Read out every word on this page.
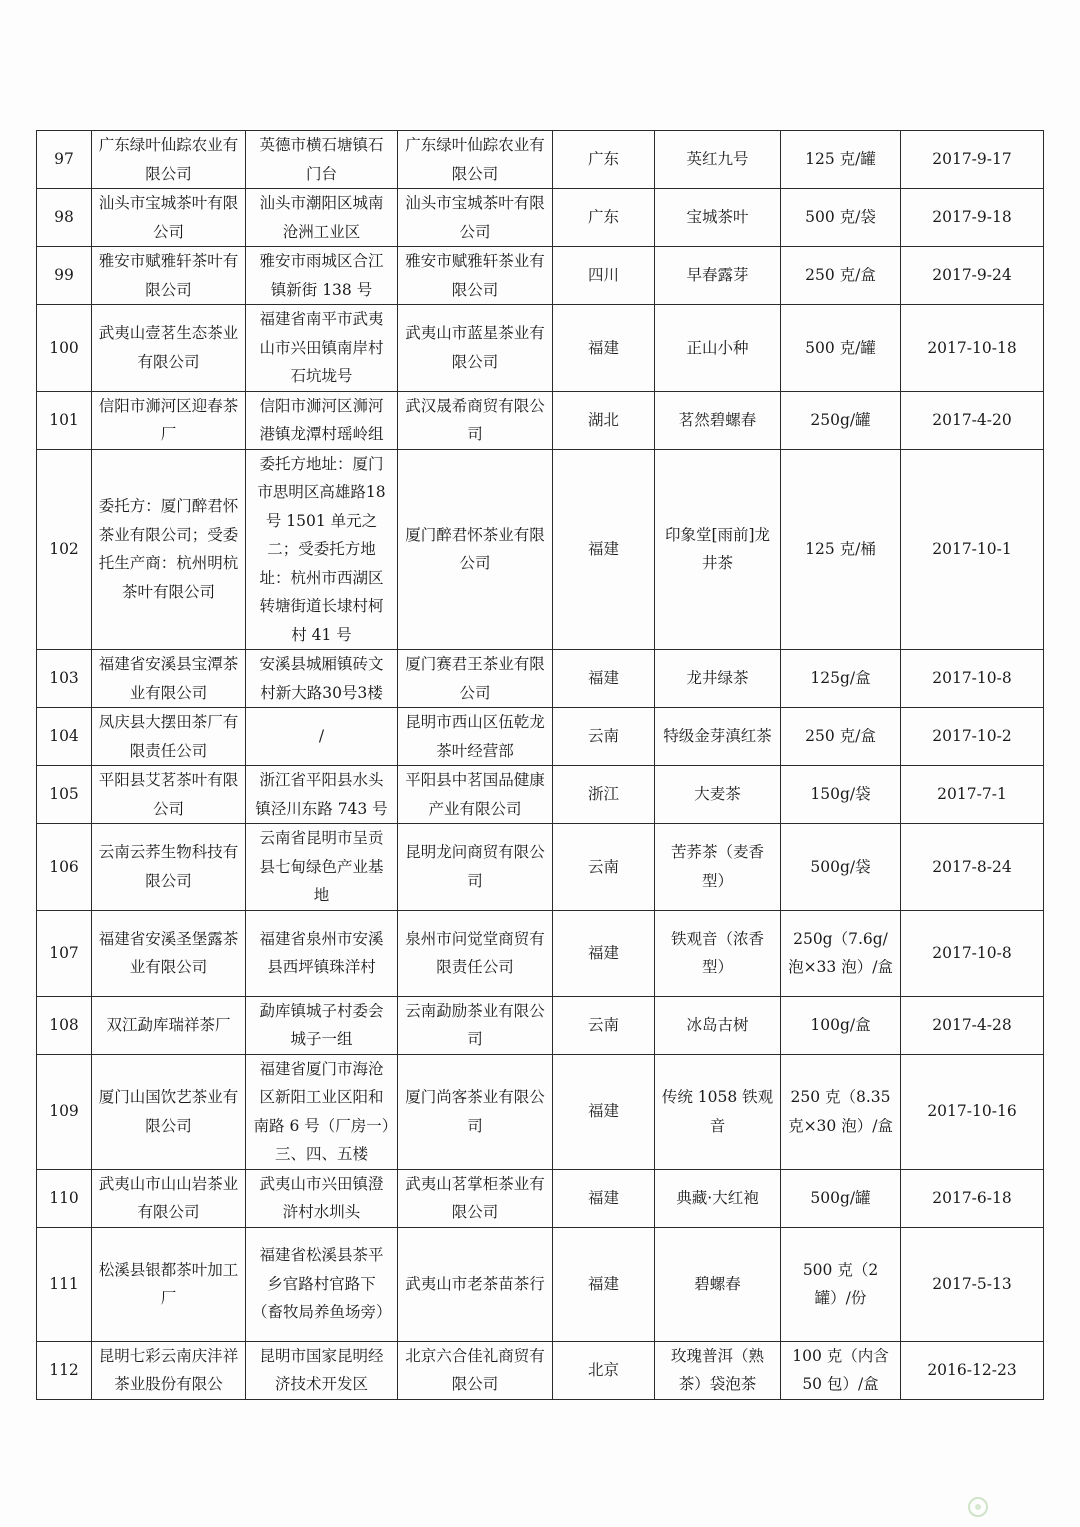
97	广东绿叶仙踪农业有限公司	英德市横石塘镇石门台	广东绿叶仙踪农业有限公司	广东	英红九号	125 克/罐	2017-9-17
98	汕头市宝城茶叶有限公司	汕头市潮阳区城南沧洲工业区	汕头市宝城茶叶有限公司	广东	宝城茶叶	500 克/袋	2017-9-18
99	雅安市赋雅轩茶叶有限公司	雅安市雨城区合江镇新街 138 号	雅安市赋雅轩茶业有限公司	四川	早春露芽	250 克/盒	2017-9-24
100	武夷山壹茗生态茶业有限公司	福建省南平市武夷山市兴田镇南岸村石坑垅号	武夷山市蓝星茶业有限公司	福建	正山小种	500 克/罐	2017-10-18
101	信阳市浉河区迎春茶厂	信阳市浉河区浉河港镇龙潭村瑶岭组	武汉晟希商贸有限公司	湖北	茗然碧螺春	250g/罐	2017-4-20
102	委托方：厦门醉君怀茶业有限公司；受委托生产商：杭州明杭茶叶有限公司	委托方地址：厦门市思明区高雄路18号 1501 单元之二；受委托方地址：杭州市西湖区转塘街道长埭村柯村 41 号	厦门醉君怀茶业有限公司	福建	印象堂[雨前]龙井茶	125 克/桶	2017-10-1
103	福建省安溪县宝潭茶业有限公司	安溪县城厢镇砖文村新大路30号3楼	厦门赛君王茶业有限公司	福建	龙井绿茶	125g/盒	2017-10-8
104	凤庆县大摆田茶厂有限责任公司	/	昆明市西山区伍乾龙茶叶经营部	云南	特级金芽滇红茶	250 克/盒	2017-10-2
105	平阳县艾茗茶叶有限公司	浙江省平阳县水头镇泾川东路 743 号	平阳县中茗国品健康产业有限公司	浙江	大麦茶	150g/袋	2017-7-1
106	云南云荞生物科技有限公司	云南省昆明市呈贡县七甸绿色产业基地	昆明龙问商贸有限公司	云南	苦荞茶（麦香型）	500g/袋	2017-8-24
107	福建省安溪圣堡露茶业有限公司	福建省泉州市安溪县西坪镇珠洋村	泉州市问觉堂商贸有限责任公司	福建	铁观音（浓香型）	250g（7.6g/泡×33 泡）/盒	2017-10-8
108	双江勐库瑞祥茶厂	勐库镇城子村委会城子一组	云南勐励茶业有限公司	云南	冰岛古树	100g/盒	2017-4-28
109	厦门山国饮艺茶业有限公司	福建省厦门市海沧区新阳工业区阳和南路 6 号（厂房一）三、四、五楼	厦门尚客茶业有限公司	福建	传统 1058 铁观音	250 克（8.35 克×30 泡）/盒	2017-10-16
110	武夷山市山山岩茶业有限公司	武夷山市兴田镇澄浒村水圳头	武夷山茗掌柜茶业有限公司	福建	典藏·大红袍	500g/罐	2017-6-18
111	松溪县银都茶叶加工厂	福建省松溪县茶平乡官路村官路下（畜牧局养鱼场旁）	武夷山市老茶苗茶行	福建	碧螺春	500 克（2 罐）/份	2017-5-13
112	昆明七彩云南庆沣祥茶业股份有限公	昆明市国家昆明经济技术开发区	北京六合佳礼商贸有限公司	北京	玫瑰普洱（熟茶）袋泡茶	100 克（内含 50 包）/盒	2016-12-23
